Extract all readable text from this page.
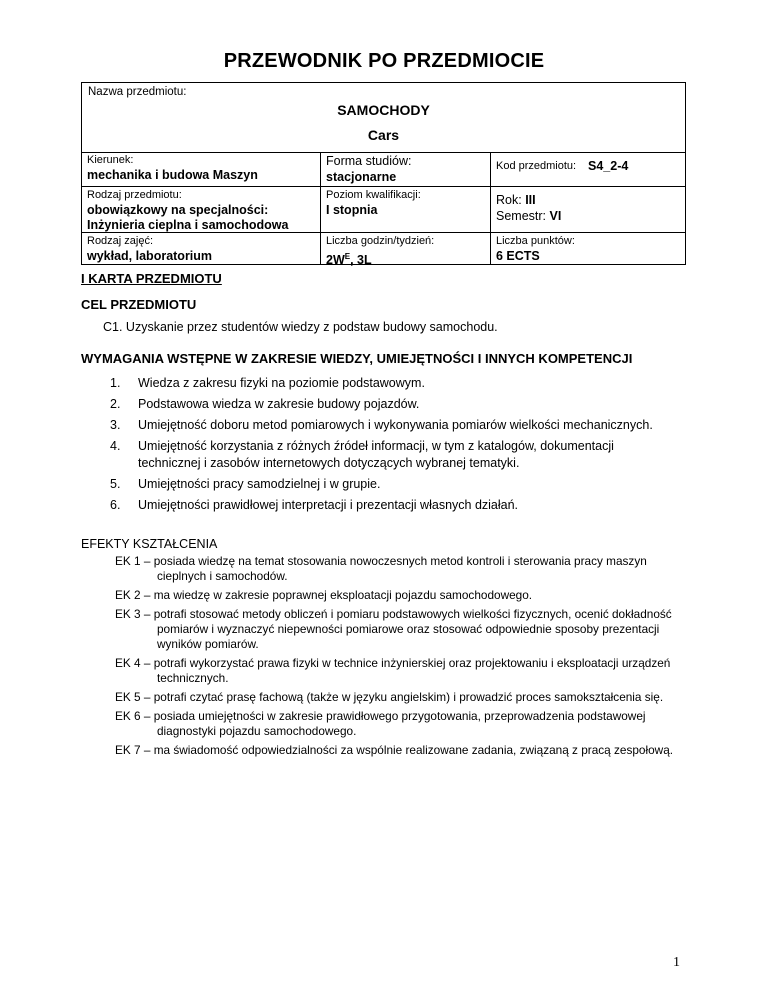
PRZEWODNIK PO PRZEDMIOCIE
Nazwa przedmiotu:
SAMOCHODY
Cars
Kierunek:
mechanika i budowa Maszyn
Forma studiów:
stacjonarne
Kod przedmiotu: S4_2-4
Rodzaj przedmiotu:
obowiązkowy na specjalności:
Inżynieria cieplna i samochodowa
Poziom kwalifikacji:
I stopnia
Rok: III
Semestr: VI
Rodzaj zajęć:
wykład, laboratorium
Liczba godzin/tydzień:
$2W^E$, 3L
Liczba punktów:
6 ECTS
I KARTA PRZEDMIOTU
CEL PRZEDMIOTU
C1. Uzyskanie przez studentów wiedzy z podstaw budowy samochodu.
WYMAGANIA WSTĘPNE W ZAKRESIE WIEDZY, UMIEJĘTNOŚCI I INNYCH KOMPETENCJI
1. Wiedza z zakresu fizyki na poziomie podstawowym.
2. Podstawowa wiedza w zakresie budowy pojazdów.
3. Umiejętność doboru metod pomiarowych i wykonywania pomiarów wielkości mechanicznych.
4. Umiejętność korzystania z różnych źródeł informacji, w tym z katalogów, dokumentacji technicznej i zasobów internetowych dotyczących wybranej tematyki.
5. Umiejętności pracy samodzielnej i w grupie.
6. Umiejętności prawidłowej interpretacji i prezentacji własnych działań.
EFEKTY KSZTAŁCENIA
EK 1 – posiada wiedzę na temat stosowania nowoczesnych metod kontroli i sterowania pracy maszyn cieplnych i samochodów.
EK 2 – ma wiedzę w zakresie poprawnej eksploatacji pojazdu samochodowego.
EK 3 – potrafi stosować metody obliczeń i pomiaru podstawowych wielkości fizycznych, ocenić dokładność pomiarów i wyznaczyć niepewności pomiarowe oraz stosować odpowiednie sposoby prezentacji wyników pomiarów.
EK 4 – potrafi wykorzystać prawa fizyki w technice inżynierskiej oraz projektowaniu i eksploatacji urządzeń technicznych.
EK 5 – potrafi czytać prasę fachową (także w języku angielskim) i prowadzić proces samokształcenia się.
EK 6 – posiada umiejętności w zakresie prawidłowego przygotowania, przeprowadzenia podstawowej diagnostyki pojazdu samochodowego.
EK 7 – ma świadomość odpowiedzialności za wspólnie realizowane zadania, związaną z pracą zespołową.
1
